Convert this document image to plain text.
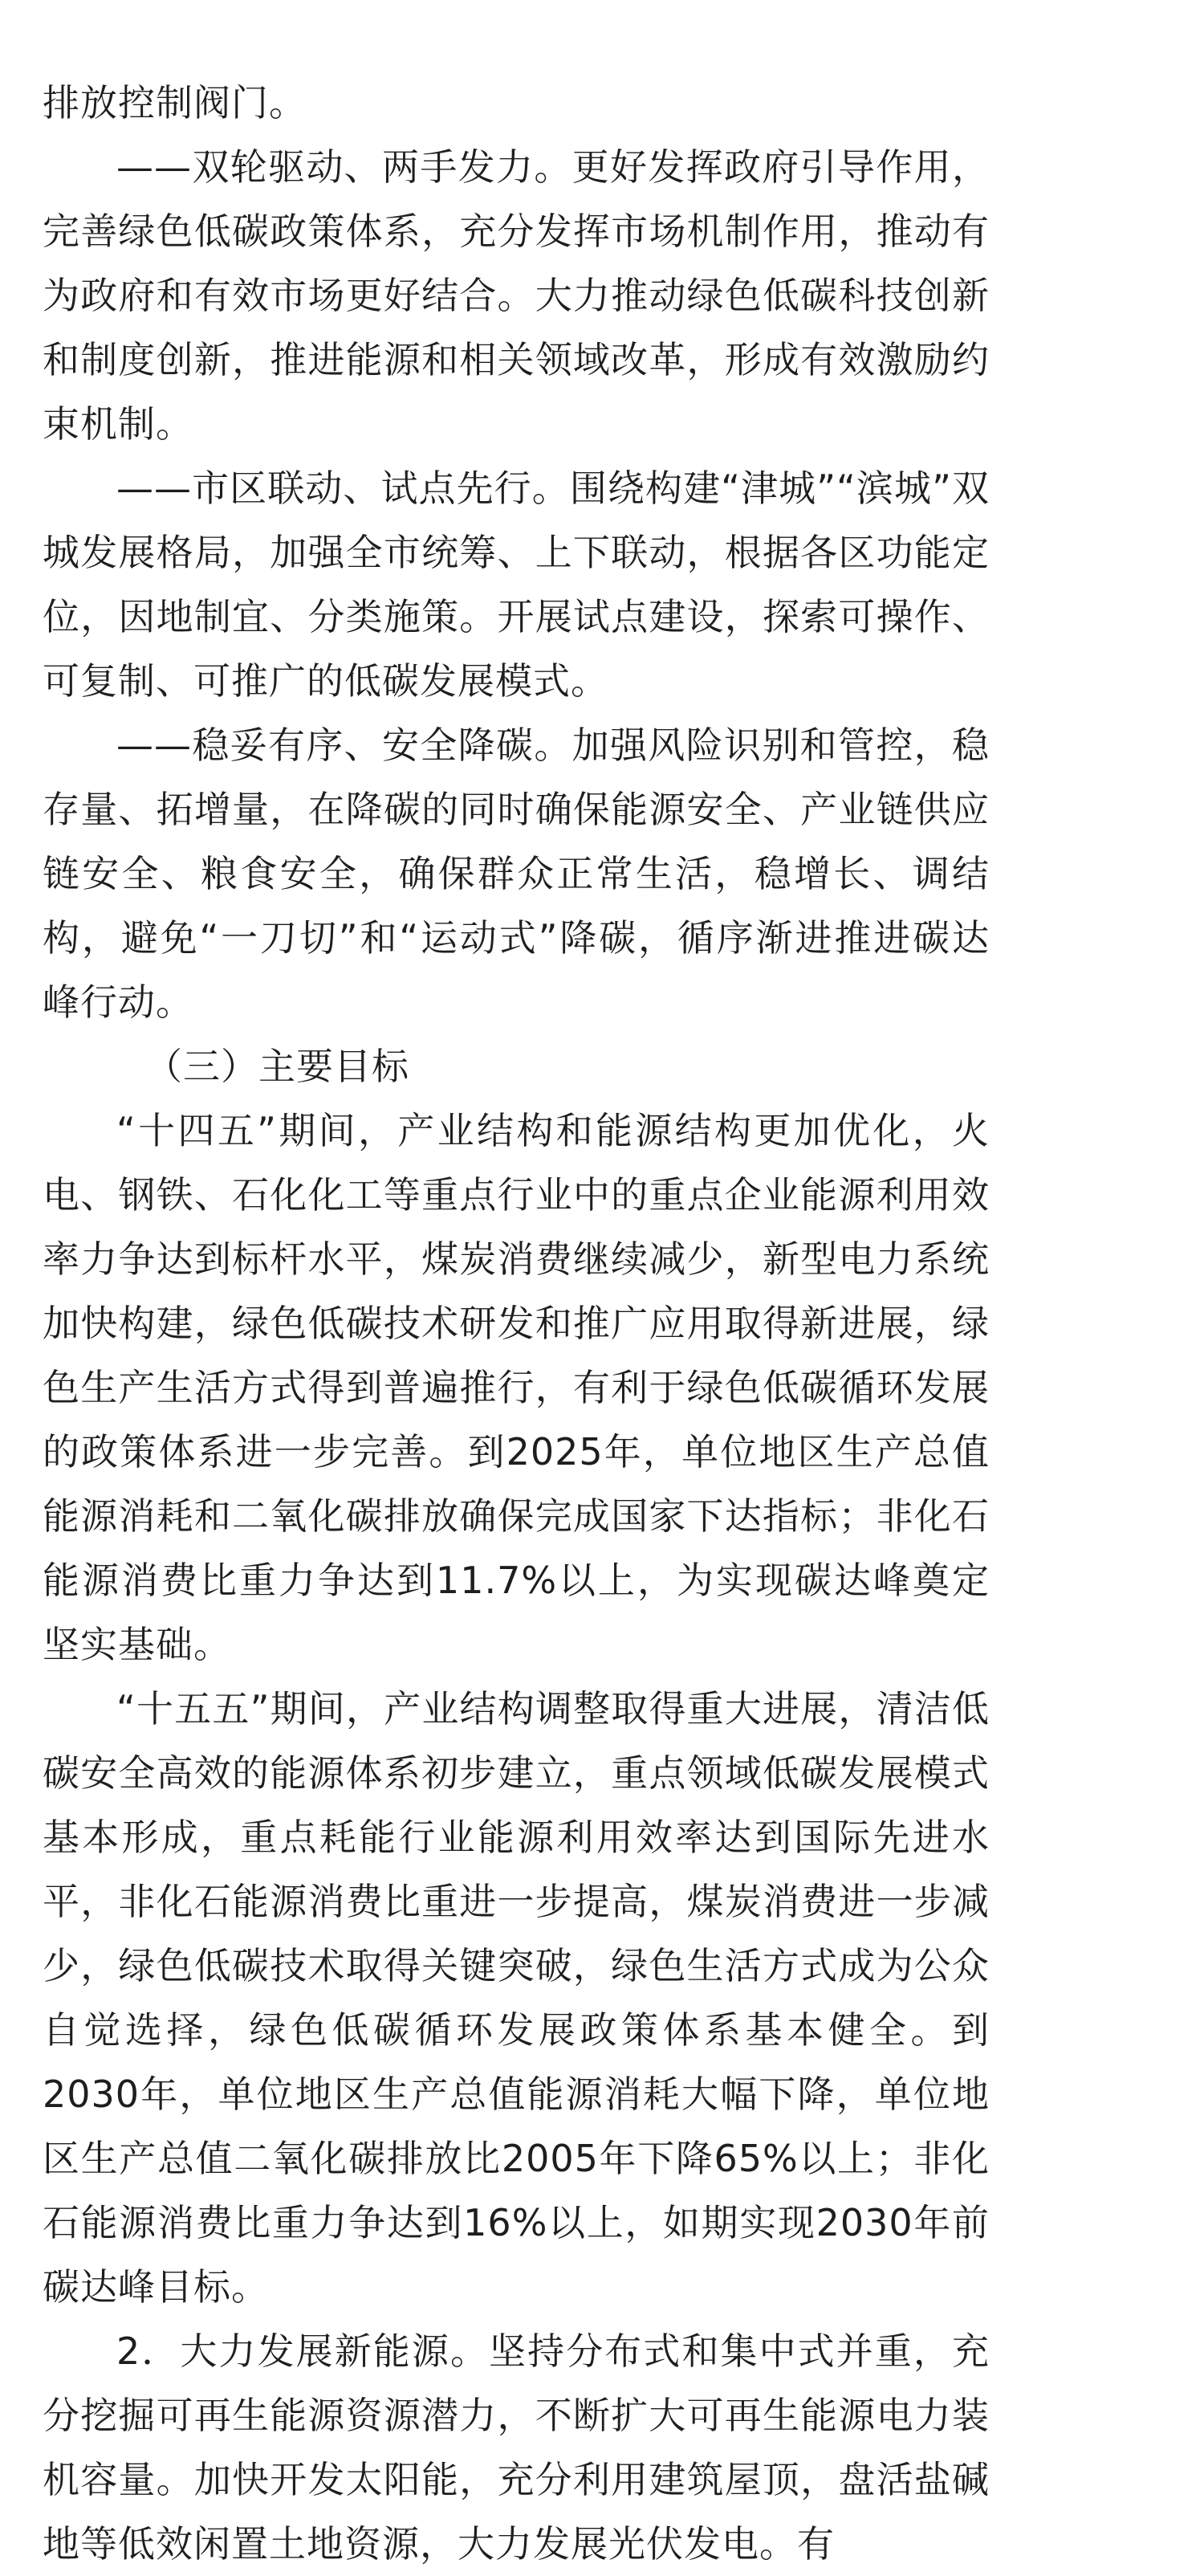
排放控制阀门。

——双轮驱动、两手发力。更好发挥政府引导作用，完善绿色低碳政策体系，充分发挥市场机制作用，推动有为政府和有效市场更好结合。大力推动绿色低碳科技创新和制度创新，推进能源和相关领域改革，形成有效激励约束机制。

——市区联动、试点先行。围绕构建“津城”“滨城”双城发展格局，加强全市统筹、上下联动，根据各区功能定位，因地制宜、分类施策。开展试点建设，探索可操作、可复制、可推广的低碳发展模式。

——稳妥有序、安全降碳。加强风险识别和管控，稳存量、拓增量，在降碳的同时确保能源安全、产业链供应链安全、粮食安全，确保群众正常生活，稳增长、调结构，避免“一刀切”和“运动式”降碳，循序渐进推进碳达峰行动。

（三）主要目标

“十四五”期间，产业结构和能源结构更加优化，火电、钢铁、石化化工等重点行业中的重点企业能源利用效率力争达到标杆水平，煤炭消费继续减少，新型电力系统加快构建，绿色低碳技术研发和推广应用取得新进展，绿色生产生活方式得到普遍推行，有利于绿色低碳循环发展的政策体系进一步完善。到2025年，单位地区生产总值能源消耗和二氧化碳排放确保完成国家下达指标；非化石能源消费比重力争达到11.7%以上，为实现碳达峰奠定坚实基础。

“十五五”期间，产业结构调整取得重大进展，清洁低碳安全高效的能源体系初步建立，重点领域低碳发展模式基本形成，重点耗能行业能源利用效率达到国际先进水平，非化石能源消费比重进一步提高，煤炭消费进一步减少，绿色低碳技术取得关键突破，绿色生活方式成为公众自觉选择，绿色低碳循环发展政策体系基本健全。到2030年，单位地区生产总值能源消耗大幅下降，单位地区生产总值二氧化碳排放比2005年下降65%以上；非化石能源消费比重力争达到16%以上，如期实现2030年前碳达峰目标。

2．大力发展新能源。坚持分布式和集中式并重，充分挖掘可再生能源资源潜力，不断扩大可再生能源电力装机容量。加快开发太阳能，充分利用建筑屋顶，盘活盐碱地等低效闲置土地资源，大力发展光伏发电。有
